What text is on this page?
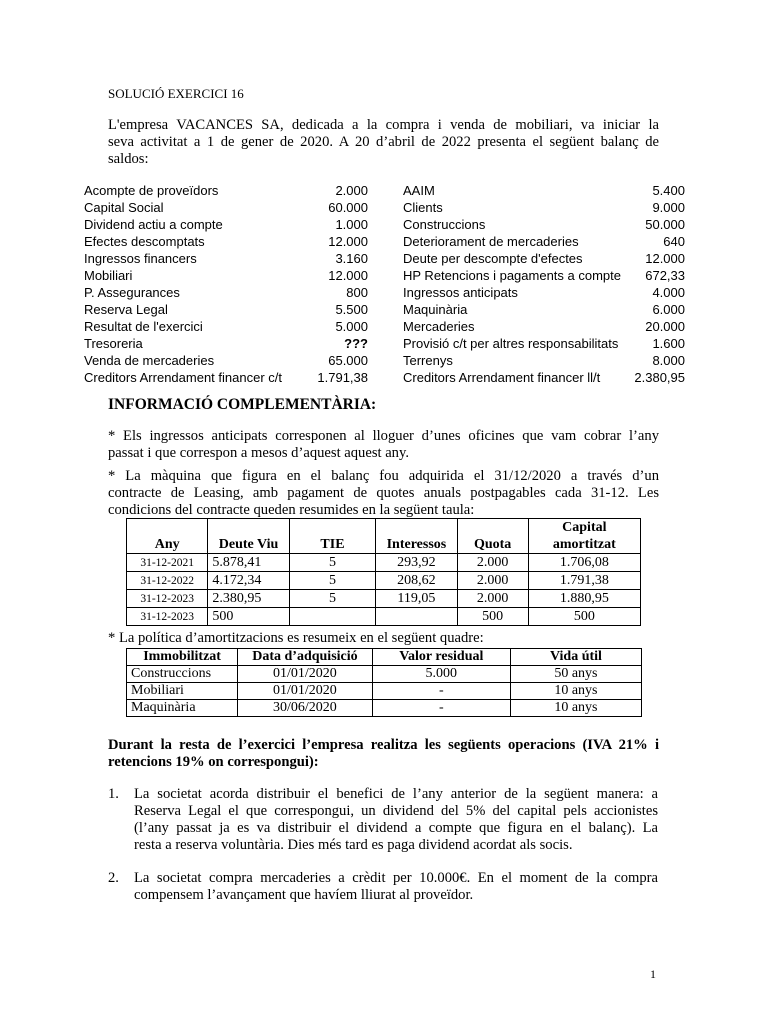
SOLUCIÓ EXERCICI 16
L'empresa VACANCES SA, dedicada a la compra i venda de mobiliari, va iniciar la
seva activitat a 1 de gener de 2020. A 20 d’abril de 2022 presenta el següent balanç de
saldos:
Acompte de proveïdors	2.000
Capital Social	60.000
Dividend actiu a compte	1.000
Efectes descomptats	12.000
Ingressos financers	3.160
Mobiliari	12.000
P. Assegurances	800
Reserva Legal	5.500
Resultat de l'exercici	5.000
Tresoreria	???
Venda de mercaderies	65.000
Creditors Arrendament financer c/t	1.791,38
AAIM	5.400
Clients	9.000
Construccions	50.000
Deteriorament de mercaderies	640
Deute per descompte d'efectes	12.000
HP Retencions i pagaments a compte 672,33
Ingressos anticipats	4.000
Maquinària	6.000
Mercaderies	20.000
Provisió c/t per altres responsabilitats	1.600
Terrenys	8.000
Creditors Arrendament financer ll/t	2.380,95
INFORMACIÓ COMPLEMENTÀRIA:
* Els ingressos anticipats corresponen al lloguer d’unes oficines que vam cobrar l’any
passat i que correspon a mesos d’aquest aquest any.
* La màquina que figura en el balanç fou adquirida el 31/12/2020 a través d’un
contracte de Leasing, amb pagament de quotes anuals postpagables cada 31-12. Les
condicions del contracte queden resumides en la següent taula:
Any	Deute Viu	TIE	Interessos	Quota	Capital
amortitzat

31-12-2021	5.878,41	5	293,92	2.000	1.706,08
31-12-2022	4.172,34	5	208,62	2.000	1.791,38
31-12-2023	2.380,95	5	119,05	2.000	1.880,95
31-12-2023	500			500	500
* La política d’amortitzacions es resumeix en el següent quadre:
Immobilitzat	Data d’adquisició	Valor residual	Vida útil
Construccions	01/01/2020	5.000	50 anys
Mobiliari	01/01/2020	-	10 anys
Maquinària	30/06/2020	-	10 anys
Durant la resta de l’exercici l’empresa realitza les següents operacions (IVA 21% i
retencions 19% on correspongui):
1. La societat acorda distribuir el benefici de l’any anterior de la següent manera: a
Reserva Legal el que correspongui, un dividend del 5% del capital pels accionistes
(l’any passat ja es va distribuir el dividend a compte que figura en el balanç). La
resta a reserva voluntària. Dies més tard es paga dividend acordat als socis.
2. La societat compra mercaderies a crèdit per 10.000€. En el moment de la compra
compensem l’avançament que havíem lliurat al proveïdor.
1
